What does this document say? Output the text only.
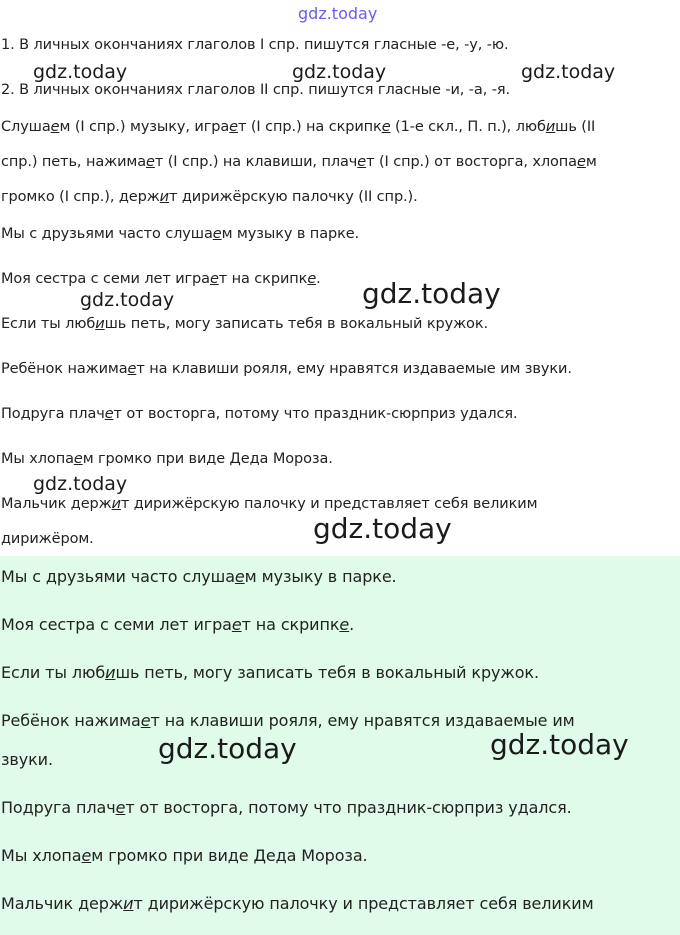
gdz.today
1. В личных окончаниях глаголов I спр. пишутся гласные -е, -у, -ю.
2. В личных окончаниях глаголов II спр. пишутся гласные -и, -а, -я.
Слушаем (I спр.) музыку, играет (I спр.) на скрипке (1-е скл., П. п.), любишь (II
спр.) петь, нажимает (I спр.) на клавиши, плачет (I спр.) от восторга, хлопаем
громко (I спр.), держит дирижёрскую палочку (II спр.).
Мы с друзьями часто слушаем музыку в парке.
Моя сестра с семи лет играет на скрипке.
Если ты любишь петь, могу записать тебя в вокальный кружок.
Ребёнок нажимает на клавиши рояля, ему нравятся издаваемые им звуки.
Подруга плачет от восторга, потому что праздник-сюрприз удался.
Мы хлопаем громко при виде Деда Мороза.
Мальчик держит дирижёрскую палочку и представляет себя великим
дирижёром.
Мы с друзьями часто слушаем музыку в парке.
Моя сестра с семи лет играет на скрипке.
Если ты любишь петь, могу записать тебя в вокальный кружок.
Ребёнок нажимает на клавиши рояля, ему нравятся издаваемые им
звуки.
Подруга плачет от восторга, потому что праздник-сюрприз удался.
Мы хлопаем громко при виде Деда Мороза.
Мальчик держит дирижёрскую палочку и представляет себя великим
gdz.today	gdz.today	gdz.today
gdz.today	gdz.today
gdz.today
gdz.today
gdz.today	gdz.today
